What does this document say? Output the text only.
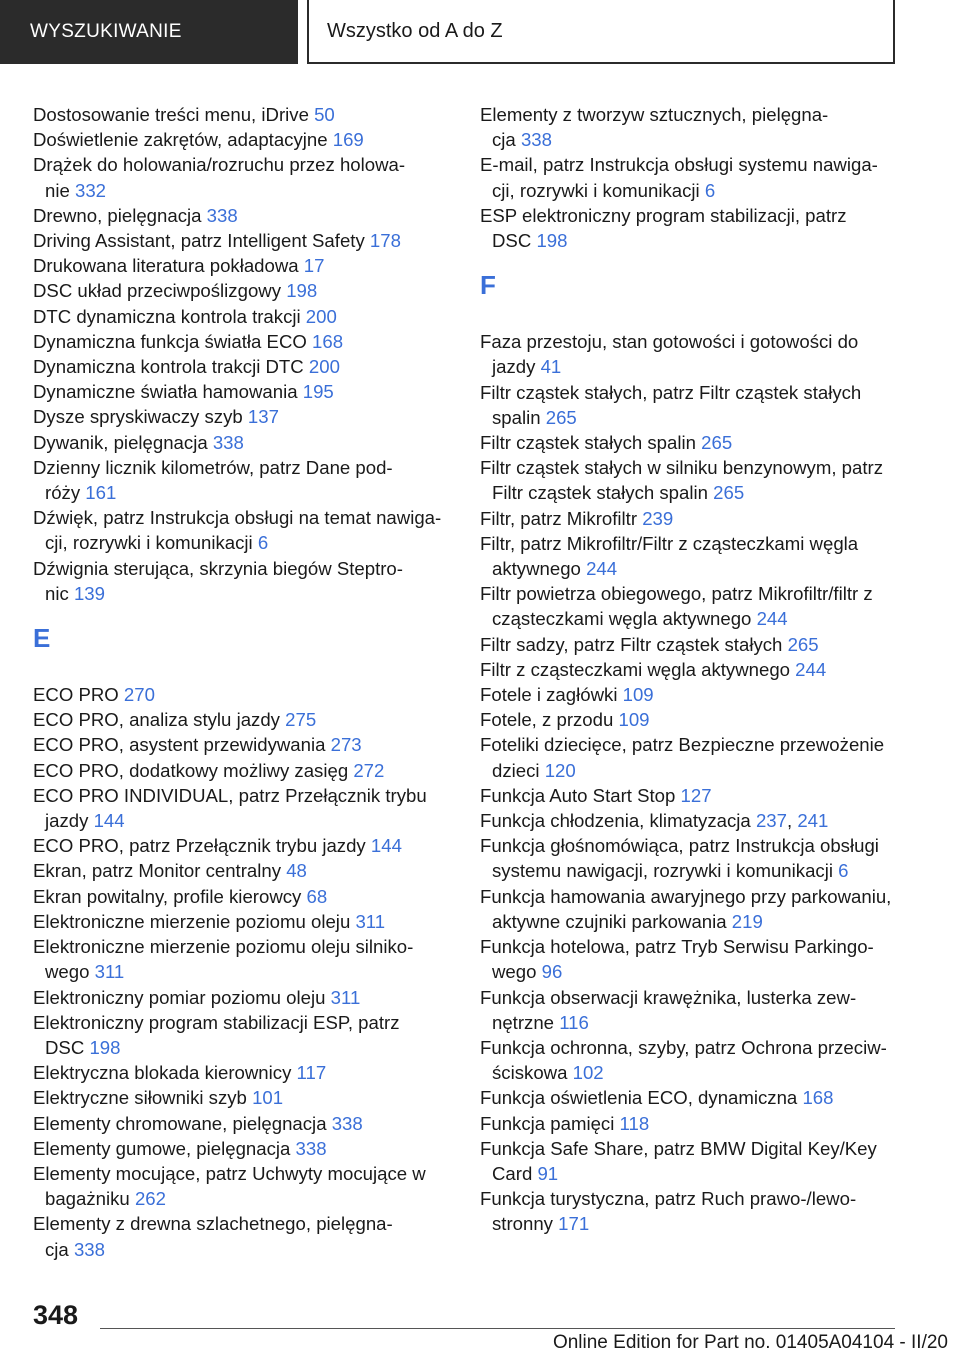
WYSZUKIWANIE	Wszystko od A do Z
Dostosowanie treści menu, iDrive 50
Doświetlenie zakrętów, adaptacyjne 169
Drążek do holowania/rozruchu przez holowa-
nie 332
Drewno, pielęgnacja 338
Driving Assistant, patrz Intelligent Safety 178
Drukowana literatura pokładowa 17
DSC układ przeciwpoślizgowy 198
DTC dynamiczna kontrola trakcji 200
Dynamiczna funkcja światła ECO 168
Dynamiczna kontrola trakcji DTC 200
Dynamiczne światła hamowania 195
Dysze spryskiwaczy szyb 137
Dywanik, pielęgnacja 338
Dzienny licznik kilometrów, patrz Dane pod-
róży 161
Dźwięk, patrz Instrukcja obsługi na temat nawiga-
cji, rozrywki i komunikacji 6
Dźwignia sterująca, skrzynia biegów Steptro-
nic 139
E
ECO PRO 270
ECO PRO, analiza stylu jazdy 275
ECO PRO, asystent przewidywania 273
ECO PRO, dodatkowy możliwy zasięg 272
ECO PRO INDIVIDUAL, patrz Przełącznik trybu
jazdy 144
ECO PRO, patrz Przełącznik trybu jazdy 144
Ekran, patrz Monitor centralny 48
Ekran powitalny, profile kierowcy 68
Elektroniczne mierzenie poziomu oleju 311
Elektroniczne mierzenie poziomu oleju silniko-
wego 311
Elektroniczny pomiar poziomu oleju 311
Elektroniczny program stabilizacji ESP, patrz
DSC 198
Elektryczna blokada kierownicy 117
Elektryczne siłowniki szyb 101
Elementy chromowane, pielęgnacja 338
Elementy gumowe, pielęgnacja 338
Elementy mocujące, patrz Uchwyty mocujące w
bagażniku 262
Elementy z drewna szlachetnego, pielęgna-
cja 338
Elementy z tworzyw sztucznych, pielęgna-
cja 338
E-mail, patrz Instrukcja obsługi systemu nawiga-
cji, rozrywki i komunikacji 6
ESP elektroniczny program stabilizacji, patrz
DSC 198
F
Faza przestoju, stan gotowości i gotowości do
jazdy 41
Filtr cząstek stałych, patrz Filtr cząstek stałych
spalin 265
Filtr cząstek stałych spalin 265
Filtr cząstek stałych w silniku benzynowym, patrz
Filtr cząstek stałych spalin 265
Filtr, patrz Mikrofiltr 239
Filtr, patrz Mikrofiltr/Filtr z cząsteczkami węgla
aktywnego 244
Filtr powietrza obiegowego, patrz Mikrofiltr/filtr z
cząsteczkami węgla aktywnego 244
Filtr sadzy, patrz Filtr cząstek stałych 265
Filtr z cząsteczkami węgla aktywnego 244
Fotele i zagłówki 109
Fotele, z przodu 109
Foteliki dziecięce, patrz Bezpieczne przewożenie
dzieci 120
Funkcja Auto Start Stop 127
Funkcja chłodzenia, klimatyzacja 237, 241
Funkcja głośnomówiąca, patrz Instrukcja obsługi
systemu nawigacji, rozrywki i komunikacji 6
Funkcja hamowania awaryjnego przy parkowaniu,
aktywne czujniki parkowania 219
Funkcja hotelowa, patrz Tryb Serwisu Parkingo-
wego 96
Funkcja obserwacji krawężnika, lusterka zew-
nętrzne 116
Funkcja ochronna, szyby, patrz Ochrona przeciw-
ściskowa 102
Funkcja oświetlenia ECO, dynamiczna 168
Funkcja pamięci 118
Funkcja Safe Share, patrz BMW Digital Key/Key
Card 91
Funkcja turystyczna, patrz Ruch prawo-/lewo-
stronny 171
348
Online Edition for Part no. 01405A04104 - II/20
